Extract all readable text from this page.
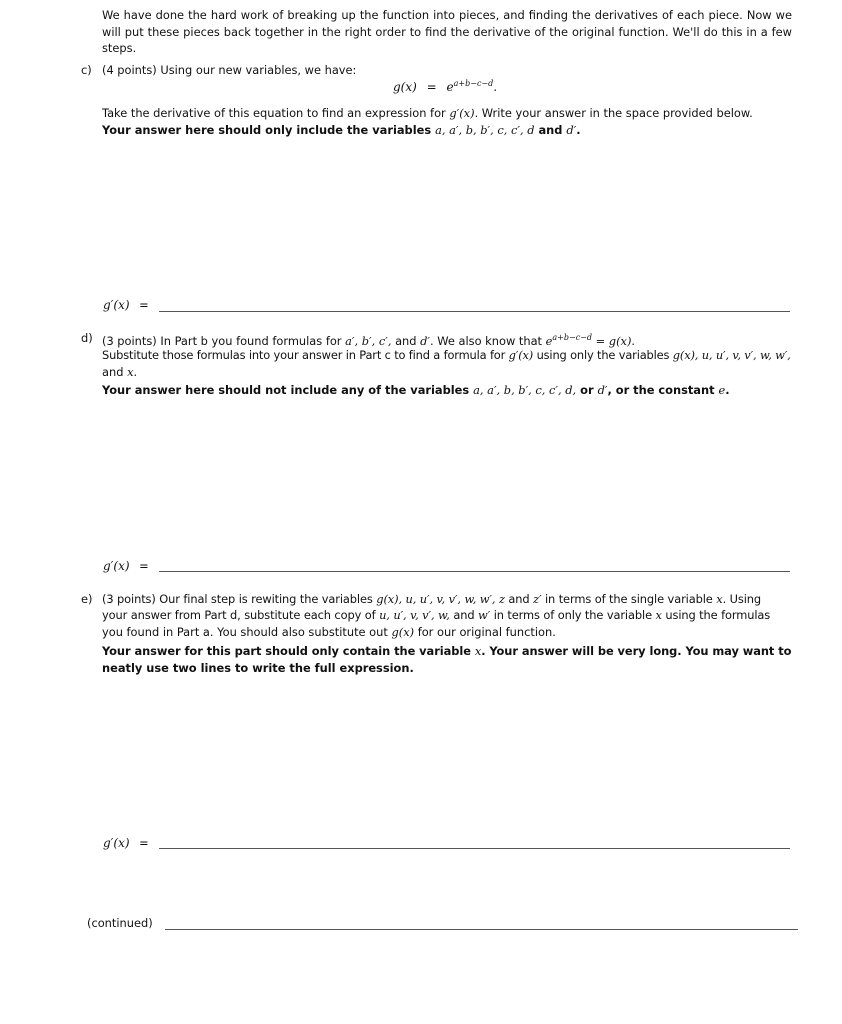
We have done the hard work of breaking up the function into pieces, and finding the derivatives of each piece. Now we will put these pieces back together in the right order to find the derivative of the original function. We'll do this in a few steps.
c) (4 points) Using our new variables, we have:
$g(x) = e^{a+b-c-d}$.
Take the derivative of this equation to find an expression for g′(x). Write your answer in the space provided below.
Your answer here should only include the variables a, a′, b, b′, c, c′, d and d′.
g′(x) =
d) (3 points) In Part b you found formulas for a′, b′, c′, and d′. We also know that $e^{a+b-c-d} = g(x)$.
Substitute those formulas into your answer in Part c to find a formula for g′(x) using only the variables g(x), u, u′, v, v′, w, w′,
and x.
Your answer here should not include any of the variables a, a′, b, b′, c, c′, d, or d′, or the constant e.
g′(x) =
e) (3 points) Our final step is rewiting the variables g(x), u, u′, v, v′, w, w′, z and z′ in terms of the single variable x. Using
your answer from Part d, substitute each copy of u, u′, v, v′, w, and w′ in terms of only the variable x using the formulas
you found in Part a. You should also substitute out g(x) for our original function.
Your answer for this part should only contain the variable x. Your answer will be very long. You may want to
neatly use two lines to write the full expression.
g′(x) =
(continued)
